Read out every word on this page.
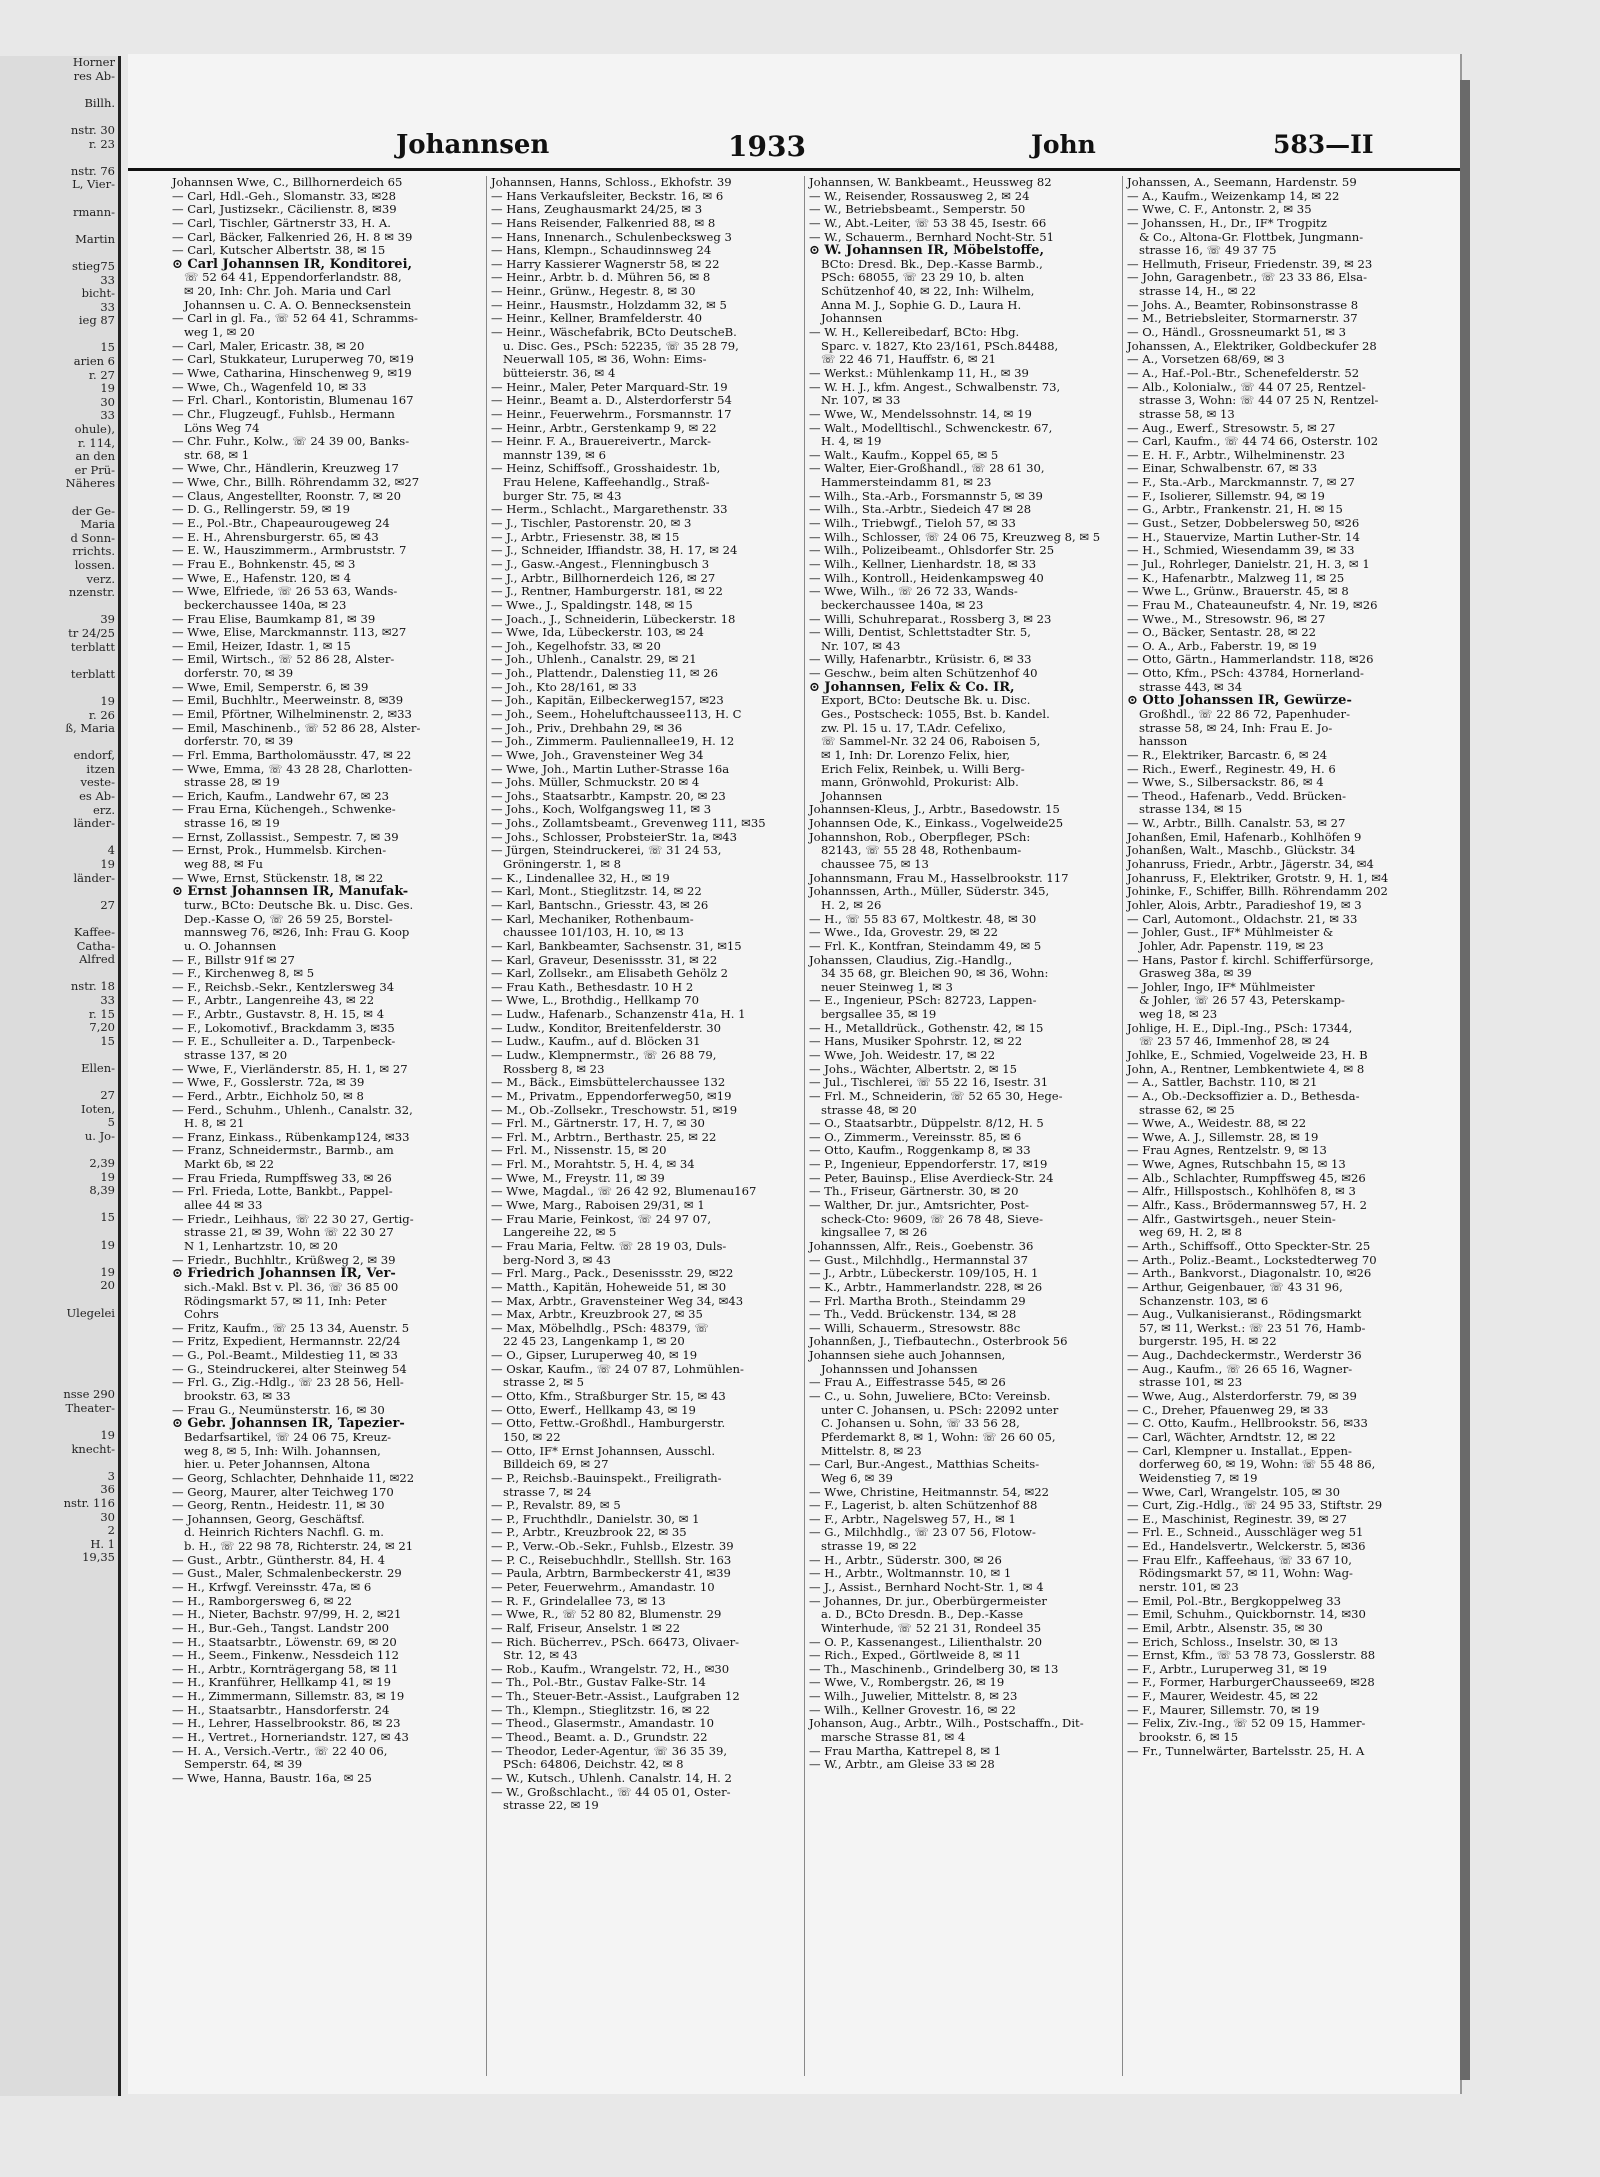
Horner
res Ab-
Billh.
nstr. 30
r. 23
nstr. 76
L, Vier-
rmann-
Martin
stieg75
33
bicht-
33
ieg 87
15
arien 6
r. 27
19
30
33
ohule),
r. 114,
an den
er Prü-
Näheres
der Ge-
Maria
d Sonn-
rrichts.
lossen.
verz.
nzenstr.
39
tr 24/25
terblatt
terblatt
19
r. 26
ß, Maria
endorf,
itzen
veste-
es Ab-
erz.
länder-
4
19
länder-
27
Kaffee-
Catha-
Alfred
nstr. 18
33
r. 15
7,20
15
Ellen-
27
Ioten,
5
u. Jo-
2,39
19
8,39
15
19
19
20
Ulegelei
nsse 290
Theater-
19
knecht-
3
36
nstr. 116
30
2
H. 1
19,35
Johannsen	1933	John	583—II
Johannsen Wwe, C., Billhornerdeich 65
— Carl, Hdl.-Geh., Slomanstr. 33, ✉28
— Carl, Justizsekr., Cäcilienstr. 8, ✉39
— Carl, Tischler, Gärtnerstr 33, H. A.
— Carl, Bäcker, Falkenried 26, H. 8 ✉ 39
— Carl, Kutscher Albertstr. 38, ✉ 15
⊙ Carl Johannsen IR, Konditorei,
☏ 52 64 41, Eppendorferlandstr. 88,
✉ 20, Inh: Chr. Joh. Maria und Carl
Johannsen u. C. A. O. Bennecksenstein
— Carl in gl. Fa., ☏ 52 64 41, Schramms-
weg 1, ✉ 20
— Carl, Maler, Ericastr. 38, ✉ 20
— Carl, Stukkateur, Luruperweg 70, ✉19
— Wwe, Catharina, Hinschenweg 9, ✉19
— Wwe, Ch., Wagenfeld 10, ✉ 33
— Frl. Charl., Kontoristin, Blumenau 167
— Chr., Flugzeugf., Fuhlsb., Hermann
Löns Weg 74
— Chr. Fuhr., Kolw., ☏ 24 39 00, Banks-
str. 68, ✉ 1
— Wwe, Chr., Händlerin, Kreuzweg 17
— Wwe, Chr., Billh. Röhrendamm 32, ✉27
— Claus, Angestellter, Roonstr. 7, ✉ 20
— D. G., Rellingerstr. 59, ✉ 19
— E., Pol.-Btr., Chapeaurougeweg 24
— E. H., Ahrensburgerstr. 65, ✉ 43
— E. W., Hauszimmerm., Armbruststr. 7
— Frau E., Bohnkenstr. 45, ✉ 3
— Wwe, E., Hafenstr. 120, ✉ 4
— Wwe, Elfriede, ☏ 26 53 63, Wands-
beckerchaussee 140a, ✉ 23
— Frau Elise, Baumkamp 81, ✉ 39
— Wwe, Elise, Marckmannstr. 113, ✉27
— Emil, Heizer, Idastr. 1, ✉ 15
— Emil, Wirtsch., ☏ 52 86 28, Alster-
dorferstr. 70, ✉ 39
— Wwe, Emil, Semperstr. 6, ✉ 39
— Emil, Buchhltr., Meerweinstr. 8, ✉39
— Emil, Pförtner, Wilhelminenstr. 2, ✉33
— Emil, Maschinenb., ☏ 52 86 28, Alster-
dorferstr. 70, ✉ 39
— Frl. Emma, Bartholomäusstr. 47, ✉ 22
— Wwe, Emma, ☏ 43 28 28, Charlotten-
strasse 28, ✉ 19
— Erich, Kaufm., Landwehr 67, ✉ 23
— Frau Erna, Küchengeh., Schwenke-
strasse 16, ✉ 19
— Ernst, Zollassist., Sempestr. 7, ✉ 39
— Ernst, Prok., Hummelsb. Kirchen-
weg 88, ✉ Fu
— Wwe, Ernst, Stückenstr. 18, ✉ 22
⊙ Ernst Johannsen IR, Manufak-
turw., BCto: Deutsche Bk. u. Disc. Ges.
Dep.-Kasse O, ☏ 26 59 25, Borstel-
mannsweg 76, ✉26, Inh: Frau G. Koop
u. O. Johannsen
— F., Billstr 91f ✉ 27
— F., Kirchenweg 8, ✉ 5
— F., Reichsb.-Sekr., Kentzlersweg 34
— F., Arbtr., Langenreihe 43, ✉ 22
— F., Arbtr., Gustavstr. 8, H. 15, ✉ 4
— F., Lokomotivf., Brackdamm 3, ✉35
— F. E., Schulleiter a. D., Tarpenbeck-
strasse 137, ✉ 20
— Wwe, F., Vierländerstr. 85, H. 1, ✉ 27
— Wwe, F., Gosslerstr. 72a, ✉ 39
— Ferd., Arbtr., Eichholz 50, ✉ 8
— Ferd., Schuhm., Uhlenh., Canalstr. 32,
H. 8, ✉ 21
— Franz, Einkass., Rübenkamp124, ✉33
— Franz, Schneidermstr., Barmb., am
Markt 6b, ✉ 22
— Frau Frieda, Rumpffsweg 33, ✉ 26
— Frl. Frieda, Lotte, Bankbt., Pappel-
allee 44 ✉ 33
— Friedr., Leihhaus, ☏ 22 30 27, Gertig-
strasse 21, ✉ 39, Wohn ☏ 22 30 27
N 1, Lenhartzstr. 10, ✉ 20
— Friedr., Buchhltr., Krüßweg 2, ✉ 39
⊙ Friedrich Johannsen IR, Ver-
sich.-Makl. Bst v. Pl. 36, ☏ 36 85 00
Rödingsmarkt 57, ✉ 11, Inh: Peter
Cohrs
— Fritz, Kaufm., ☏ 25 13 34, Auenstr. 5
— Fritz, Expedient, Hermannstr. 22/24
— G., Pol.-Beamt., Mildestieg 11, ✉ 33
— G., Steindruckerei, alter Steinweg 54
— Frl. G., Zig.-Hdlg., ☏ 23 28 56, Hell-
brookstr. 63, ✉ 33
— Frau G., Neumünsterstr. 16, ✉ 30
⊙ Gebr. Johannsen IR, Tapezier-
Bedarfsartikel, ☏ 24 06 75, Kreuz-
weg 8, ✉ 5, Inh: Wilh. Johannsen,
hier. u. Peter Johannsen, Altona
— Georg, Schlachter, Dehnhaide 11, ✉22
— Georg, Maurer, alter Teichweg 170
— Georg, Rentn., Heidestr. 11, ✉ 30
— Johannsen, Georg, Geschäftsf.
d. Heinrich Richters Nachfl. G. m.
b. H., ☏ 22 98 78, Richterstr. 24, ✉ 21
— Gust., Arbtr., Güntherstr. 84, H. 4
— Gust., Maler, Schmalenbeckerstr. 29
— H., Krfwgf. Vereinsstr. 47a, ✉ 6
— H., Ramborgersweg 6, ✉ 22
— H., Nieter, Bachstr. 97/99, H. 2, ✉21
— H., Bur.-Geh., Tangst. Landstr 200
— H., Staatsarbtr., Löwenstr. 69, ✉ 20
— H., Seem., Finkenw., Nessdeich 112
— H., Arbtr., Kornträgergang 58, ✉ 11
— H., Kranführer, Hellkamp 41, ✉ 19
— H., Zimmermann, Sillemstr. 83, ✉ 19
— H., Staatsarbtr., Hansdorferstr. 24
— H., Lehrer, Hasselbrookstr. 86, ✉ 23
— H., Vertret., Horneriandstr. 127, ✉ 43
— H. A., Versich.-Vertr., ☏ 22 40 06,
Semperstr. 64, ✉ 39
— Wwe, Hanna, Baustr. 16a, ✉ 25
Johannsen, Hanns, Schloss., Ekhofstr. 39
— Hans Verkaufsleiter, Beckstr. 16, ✉ 6
— Hans, Zeughausmarkt 24/25, ✉ 3
— Hans Reisender, Falkenried 88, ✉ 8
— Hans, Innenarch., Schulenbecksweg 3
— Hans, Klempn., Schaudinnsweg 24
— Harry Kassierer Wagnerstr 58, ✉ 22
— Heinr., Arbtr. b. d. Mühren 56, ✉ 8
— Heinr., Grünw., Hegestr. 8, ✉ 30
— Heinr., Hausmstr., Holzdamm 32, ✉ 5
— Heinr., Kellner, Bramfelderstr. 40
— Heinr., Wäschefabrik, BCto DeutscheB.
u. Disc. Ges., PSch: 52235, ☏ 35 28 79,
Neuerwall 105, ✉ 36, Wohn: Eims-
bütteierstr. 36, ✉ 4
— Heinr., Maler, Peter Marquard-Str. 19
— Heinr., Beamt a. D., Alsterdorferstr 54
— Heinr., Feuerwehrm., Forsmannstr. 17
— Heinr., Arbtr., Gerstenkamp 9, ✉ 22
— Heinr. F. A., Brauereivertr., Marck-
mannstr 139, ✉ 6
— Heinz, Schiffsoff., Grosshaidestr. 1b,
Frau Helene, Kaffeehandlg., Straß-
burger Str. 75, ✉ 43
— Herm., Schlacht., Margarethenstr. 33
— J., Tischler, Pastorenstr. 20, ✉ 3
— J., Arbtr., Friesenstr. 38, ✉ 15
— J., Schneider, Iffiandstr. 38, H. 17, ✉ 24
— J., Gasw.-Angest., Flenningbusch 3
— J., Arbtr., Billhornerdeich 126, ✉ 27
— J., Rentner, Hamburgerstr. 181, ✉ 22
— Wwe., J., Spaldingstr. 148, ✉ 15
— Joach., J., Schneiderin, Lübeckerstr. 18
— Wwe, Ida, Lübeckerstr. 103, ✉ 24
— Joh., Kegelhofstr. 33, ✉ 20
— Joh., Uhlenh., Canalstr. 29, ✉ 21
— Joh., Plattendr., Dalenstieg 11, ✉ 26
— Joh., Kto 28/161, ✉ 33
— Joh., Kapitän, Eilbeckerweg157, ✉23
— Joh., Seem., Hoheluftchaussee113, H. C
— Joh., Priv., Drehbahn 29, ✉ 36
— Joh., Zimmerm. Pauliennallee19, H. 12
— Wwe, Joh., Gravensteiner Weg 34
— Wwe, Joh., Martin Luther-Strasse 16a
— Johs. Müller, Schmuckstr. 20 ✉ 4
— Johs., Staatsarbtr., Kampstr. 20, ✉ 23
— Johs., Koch, Wolfgangsweg 11, ✉ 3
— Johs., Zollamtsbeamt., Grevenweg 111, ✉35
— Johs., Schlosser, ProbsteierStr. 1a, ✉43
— Jürgen, Steindruckerei, ☏ 31 24 53,
Gröningerstr. 1, ✉ 8
— K., Lindenallee 32, H., ✉ 19
— Karl, Mont., Stieglitzstr. 14, ✉ 22
— Karl, Bantschn., Griesstr. 43, ✉ 26
— Karl, Mechaniker, Rothenbaum-
chaussee 101/103, H. 10, ✉ 13
— Karl, Bankbeamter, Sachsenstr. 31, ✉15
— Karl, Graveur, Desenissstr. 31, ✉ 22
— Karl, Zollsekr., am Elisabeth Gehölz 2
— Frau Kath., Bethesdastr. 10 H 2
— Wwe, L., Brothdig., Hellkamp 70
— Ludw., Hafenarb., Schanzenstr 41a, H. 1
— Ludw., Konditor, Breitenfelderstr. 30
— Ludw., Kaufm., auf d. Blöcken 31
— Ludw., Klempnermstr., ☏ 26 88 79,
Rossberg 8, ✉ 23
— M., Bäck., Eimsbüttelerchaussee 132
— M., Privatm., Eppendorferweg50, ✉19
— M., Ob.-Zollsekr., Treschowstr. 51, ✉19
— Frl. M., Gärtnerstr. 17, H. 7, ✉ 30
— Frl. M., Arbtrn., Berthastr. 25, ✉ 22
— Frl. M., Nissenstr. 15, ✉ 20
— Frl. M., Morahtstr. 5, H. 4, ✉ 34
— Wwe, M., Freystr. 11, ✉ 39
— Wwe, Magdal., ☏ 26 42 92, Blumenau167
— Wwe, Marg., Raboisen 29/31, ✉ 1
— Frau Marie, Feinkost, ☏ 24 97 07,
Langereihe 22, ✉ 5
— Frau Maria, Feltw. ☏ 28 19 03, Duls-
berg-Nord 3, ✉ 43
— Frl. Marg., Pack., Desenissstr. 29, ✉22
— Matth., Kapitän, Hoheweide 51, ✉ 30
— Max, Arbtr., Gravensteiner Weg 34, ✉43
— Max, Arbtr., Kreuzbrook 27, ✉ 35
— Max, Möbelhdlg., PSch: 48379, ☏
22 45 23, Langenkamp 1, ✉ 20
— O., Gipser, Luruperweg 40, ✉ 19
— Oskar, Kaufm., ☏ 24 07 87, Lohmühlen-
strasse 2, ✉ 5
— Otto, Kfm., Straßburger Str. 15, ✉ 43
— Otto, Ewerf., Hellkamp 43, ✉ 19
— Otto, Fettw.-Großhdl., Hamburgerstr.
150, ✉ 22
— Otto, IF* Ernst Johannsen, Ausschl.
Billdeich 69, ✉ 27
— P., Reichsb.-Bauinspekt., Freiligrath-
strasse 7, ✉ 24
— P., Revalstr. 89, ✉ 5
— P., Fruchthdlr., Danielstr. 30, ✉ 1
— P., Arbtr., Kreuzbrook 22, ✉ 35
— P., Verw.-Ob.-Sekr., Fuhlsb., Elzestr. 39
— P. C., Reisebuchhdlr., Stelllsh. Str. 163
— Paula, Arbtrn, Barmbeckerstr 41, ✉39
— Peter, Feuerwehrm., Amandastr. 10
— R. F., Grindelallee 73, ✉ 13
— Wwe, R., ☏ 52 80 82, Blumenstr. 29
— Ralf, Friseur, Anselstr. 1 ✉ 22
— Rich. Bücherrev., PSch. 66473, Olivaer-
Str. 12, ✉ 43
— Rob., Kaufm., Wrangelstr. 72, H., ✉30
— Th., Pol.-Btr., Gustav Falke-Str. 14
— Th., Steuer-Betr.-Assist., Laufgraben 12
— Th., Klempn., Stieglitzstr. 16, ✉ 22
— Theod., Glasermstr., Amandastr. 10
— Theod., Beamt. a. D., Grundstr. 22
— Theodor, Leder-Agentur, ☏ 36 35 39,
PSch: 64806, Deichstr. 42, ✉ 8
— W., Kutsch., Uhlenh. Canalstr. 14, H. 2
— W., Großschlacht., ☏ 44 05 01, Oster-
strasse 22, ✉ 19
Johannsen, W. Bankbeamt., Heussweg 82
— W., Reisender, Rossausweg 2, ✉ 24
— W., Betriebsbeamt., Semperstr. 50
— W., Abt.-Leiter, ☏ 53 38 45, Isestr. 66
— W., Schauerm., Bernhard Nocht-Str. 51
⊙ W. Johannsen IR, Möbelstoffe,
BCto: Dresd. Bk., Dep.-Kasse Barmb.,
PSch: 68055, ☏ 23 29 10, b. alten
Schützenhof 40, ✉ 22, Inh: Wilhelm,
Anna M. J., Sophie G. D., Laura H.
Johannsen
— W. H., Kellereibedarf, BCto: Hbg.
Sparc. v. 1827, Kto 23/161, PSch.84488,
☏ 22 46 71, Hauffstr. 6, ✉ 21
— Werkst.: Mühlenkamp 11, H., ✉ 39
— W. H. J., kfm. Angest., Schwalbenstr. 73,
Nr. 107, ✉ 33
— Wwe, W., Mendelssohnstr. 14, ✉ 19
— Walt., Modelltischl., Schwenckestr. 67,
H. 4, ✉ 19
— Walt., Kaufm., Koppel 65, ✉ 5
— Walter, Eier-Großhandl., ☏ 28 61 30,
Hammersteindamm 81, ✉ 23
— Wilh., Sta.-Arb., Forsmannstr 5, ✉ 39
— Wilh., Sta.-Arbtr., Siedeich 47 ✉ 28
— Wilh., Triebwgf., Tieloh 57, ✉ 33
— Wilh., Schlosser, ☏ 24 06 75, Kreuzweg 8, ✉ 5
— Wilh., Polizeibeamt., Ohlsdorfer Str. 25
— Wilh., Kellner, Lienhardstr. 18, ✉ 33
— Wilh., Kontroll., Heidenkampsweg 40
— Wwe, Wilh., ☏ 26 72 33, Wands-
beckerchaussee 140a, ✉ 23
— Willi, Schuhreparat., Rossberg 3, ✉ 23
— Willi, Dentist, Schlettstadter Str. 5,
Nr. 107, ✉ 43
— Willy, Hafenarbtr., Krüsistr. 6, ✉ 33
— Geschw., beim alten Schützenhof 40
⊙ Johannsen, Felix & Co. IR,
Export, BCto: Deutsche Bk. u. Disc.
Ges., Postscheck: 1055, Bst. b. Kandel.
zw. Pl. 15 u. 17, T.Adr. Cefelixo,
☏ Sammel-Nr. 32 24 06, Raboisen 5,
✉ 1, Inh: Dr. Lorenzo Felix, hier,
Erich Felix, Reinbek, u. Willi Berg-
mann, Grönwohld, Prokurist: Alb.
Johannsen
Johannsen-Kleus, J., Arbtr., Basedowstr. 15
Johannsen Ode, K., Einkass., Vogelweide25
Johannshon, Rob., Oberpfleger, PSch:
82143, ☏ 55 28 48, Rothenbaum-
chaussee 75, ✉ 13
Johannsmann, Frau M., Hasselbrookstr. 117
Johannssen, Arth., Müller, Süderstr. 345,
H. 2, ✉ 26
— H., ☏ 55 83 67, Moltkestr. 48, ✉ 30
— Wwe., Ida, Grovestr. 29, ✉ 22
— Frl. K., Kontfran, Steindamm 49, ✉ 5
Johanssen, Claudius, Zig.-Handlg.,
34 35 68, gr. Bleichen 90, ✉ 36, Wohn:
neuer Steinweg 1, ✉ 3
— E., Ingenieur, PSch: 82723, Lappen-
bergsallee 35, ✉ 19
— H., Metalldrück., Gothenstr. 42, ✉ 15
— Hans, Musiker Spohrstr. 12, ✉ 22
— Wwe, Joh. Weidestr. 17, ✉ 22
— Johs., Wächter, Albertstr. 2, ✉ 15
— Jul., Tischlerei, ☏ 55 22 16, Isestr. 31
— Frl. M., Schneiderin, ☏ 52 65 30, Hege-
strasse 48, ✉ 20
— O., Staatsarbtr., Düppelstr. 8/12, H. 5
— O., Zimmerm., Vereinsstr. 85, ✉ 6
— Otto, Kaufm., Roggenkamp 8, ✉ 33
— P., Ingenieur, Eppendorferstr. 17, ✉19
— Peter, Bauinsp., Elise Averdieck-Str. 24
— Th., Friseur, Gärtnerstr. 30, ✉ 20
— Walther, Dr. jur., Amtsrichter, Post-
scheck-Cto: 9609, ☏ 26 78 48, Sieve-
kingsallee 7, ✉ 26
Johannssen, Alfr., Reis., Goebenstr. 36
— Gust., Milchhdlg., Hermannstal 37
— J., Arbtr., Lübeckerstr. 109/105, H. 1
— K., Arbtr., Hammerlandstr. 228, ✉ 26
— Frl. Martha Broth., Steindamm 29
— Th., Vedd. Brückenstr. 134, ✉ 28
— Willi, Schauerm., Stresowstr. 88c
Johannßen, J., Tiefbautechn., Osterbrook 56
Johannsen siehe auch Johannsen,
Johannssen und Johanssen
— Frau A., Eiffestrasse 545, ✉ 26
— C., u. Sohn, Juweliere, BCto: Vereinsb.
unter C. Johansen, u. PSch: 22092 unter
C. Johansen u. Sohn, ☏ 33 56 28,
Pferdemarkt 8, ✉ 1, Wohn: ☏ 26 60 05,
Mittelstr. 8, ✉ 23
— Carl, Bur.-Angest., Matthias Scheits-
Weg 6, ✉ 39
— Wwe, Christine, Heitmannstr. 54, ✉22
— F., Lagerist, b. alten Schützenhof 88
— F., Arbtr., Nagelsweg 57, H., ✉ 1
— G., Milchhdlg., ☏ 23 07 56, Flotow-
strasse 19, ✉ 22
— H., Arbtr., Süderstr. 300, ✉ 26
— H., Arbtr., Woltmannstr. 10, ✉ 1
— J., Assist., Bernhard Nocht-Str. 1, ✉ 4
— Johannes, Dr. jur., Oberbürgermeister
a. D., BCto Dresdn. B., Dep.-Kasse
Winterhude, ☏ 52 21 31, Rondeel 35
— O. P., Kassenangest., Lilienthalstr. 20
— Rich., Exped., Görtlweide 8, ✉ 11
— Th., Maschinenb., Grindelberg 30, ✉ 13
— Wwe, V., Rombergstr. 26, ✉ 19
— Wilh., Juwelier, Mittelstr. 8, ✉ 23
— Wilh., Kellner Grovestr. 16, ✉ 22
Johanson, Aug., Arbtr., Wilh., Postschaffn., Dit-
marsche Strasse 81, ✉ 4
— Frau Martha, Kattrepel 8, ✉ 1
— W., Arbtr., am Gleise 33 ✉ 28
Johanssen, A., Seemann, Hardenstr. 59
— A., Kaufm., Weizenkamp 14, ✉ 22
— Wwe, C. F., Antonstr. 2, ✉ 35
— Johanssen, H., Dr., IF* Trogpitz
& Co., Altona-Gr. Flottbek, Jungmann-
strasse 16, ☏ 49 37 75
— Hellmuth, Friseur, Friedenstr. 39, ✉ 23
— John, Garagenbetr., ☏ 23 33 86, Elsa-
strasse 14, H., ✉ 22
— Johs. A., Beamter, Robinsonstrasse 8
— M., Betriebsleiter, Stormarnerstr. 37
— O., Händl., Grossneumarkt 51, ✉ 3
Johanssen, A., Elektriker, Goldbeckufer 28
— A., Vorsetzen 68/69, ✉ 3
— A., Haf.-Pol.-Btr., Schenefelderstr. 52
— Alb., Kolonialw., ☏ 44 07 25, Rentzel-
strasse 3, Wohn: ☏ 44 07 25 N, Rentzel-
strasse 58, ✉ 13
— Aug., Ewerf., Stresowstr. 5, ✉ 27
— Carl, Kaufm., ☏ 44 74 66, Osterstr. 102
— E. H. F., Arbtr., Wilhelminenstr. 23
— Einar, Schwalbenstr. 67, ✉ 33
— F., Sta.-Arb., Marckmannstr. 7, ✉ 27
— F., Isolierer, Sillemstr. 94, ✉ 19
— G., Arbtr., Frankenstr. 21, H. ✉ 15
— Gust., Setzer, Dobbelersweg 50, ✉26
— H., Stauervize, Martin Luther-Str. 14
— H., Schmied, Wiesendamm 39, ✉ 33
— Jul., Rohrleger, Danielstr. 21, H. 3, ✉ 1
— K., Hafenarbtr., Malzweg 11, ✉ 25
— Wwe L., Grünw., Brauerstr. 45, ✉ 8
— Frau M., Chateauneufstr. 4, Nr. 19, ✉26
— Wwe., M., Stresowstr. 96, ✉ 27
— O., Bäcker, Sentastr. 28, ✉ 22
— O. A., Arb., Faberstr. 19, ✉ 19
— Otto, Gärtn., Hammerlandstr. 118, ✉26
— Otto, Kfm., PSch: 43784, Hornerland-
strasse 443, ✉ 34
⊙ Otto Johanssen IR, Gewürze-
Großhdl., ☏ 22 86 72, Papenhuder-
strasse 58, ✉ 24, Inh: Frau E. Jo-
hansson
— R., Elektriker, Barcastr. 6, ✉ 24
— Rich., Ewerf., Reginestr. 49, H. 6
— Wwe, S., Silbersackstr. 86, ✉ 4
— Theod., Hafenarb., Vedd. Brücken-
strasse 134, ✉ 15
— W., Arbtr., Billh. Canalstr. 53, ✉ 27
Johanßen, Emil, Hafenarb., Kohlhöfen 9
Johanßen, Walt., Maschb., Glückstr. 34
Johanruss, Friedr., Arbtr., Jägerstr. 34, ✉4
Johanruss, F., Elektriker, Grotstr. 9, H. 1, ✉4
Johinke, F., Schiffer, Billh. Röhrendamm 202
Johler, Alois, Arbtr., Paradieshof 19, ✉ 3
— Carl, Automont., Oldachstr. 21, ✉ 33
— Johler, Gust., IF* Mühlmeister &
Johler, Adr. Papenstr. 119, ✉ 23
— Hans, Pastor f. kirchl. Schifferfürsorge,
Grasweg 38a, ✉ 39
— Johler, Ingo, IF* Mühlmeister
& Johler, ☏ 26 57 43, Peterskamp-
weg 18, ✉ 23
Johlige, H. E., Dipl.-Ing., PSch: 17344,
☏ 23 57 46, Immenhof 28, ✉ 24
Johlke, E., Schmied, Vogelweide 23, H. B
John, A., Rentner, Lembkentwiete 4, ✉ 8
— A., Sattler, Bachstr. 110, ✉ 21
— A., Ob.-Decksoffizier a. D., Bethesda-
strasse 62, ✉ 25
— Wwe, A., Weidestr. 88, ✉ 22
— Wwe, A. J., Sillemstr. 28, ✉ 19
— Frau Agnes, Rentzelstr. 9, ✉ 13
— Wwe, Agnes, Rutschbahn 15, ✉ 13
— Alb., Schlachter, Rumpffsweg 45, ✉26
— Alfr., Hillspostsch., Kohlhöfen 8, ✉ 3
— Alfr., Kass., Brödermannsweg 57, H. 2
— Alfr., Gastwirtsgeh., neuer Stein-
weg 69, H. 2, ✉ 8
— Arth., Schiffsoff., Otto Speckter-Str. 25
— Arth., Poliz.-Beamt., Lockstedterweg 70
— Arth., Bankvorst., Diagonalstr. 10, ✉26
— Arthur, Geigenbauer, ☏ 43 31 96,
Schanzenstr. 103, ✉ 6
— Aug., Vulkanisieranst., Rödingsmarkt
57, ✉ 11, Werkst.: ☏ 23 51 76, Hamb-
burgerstr. 195, H. ✉ 22
— Aug., Dachdeckermstr., Werderstr 36
— Aug., Kaufm., ☏ 26 65 16, Wagner-
strasse 101, ✉ 23
— Wwe, Aug., Alsterdorferstr. 79, ✉ 39
— C., Dreher, Pfauenweg 29, ✉ 33
— C. Otto, Kaufm., Hellbrookstr. 56, ✉33
— Carl, Wächter, Arndtstr. 12, ✉ 22
— Carl, Klempner u. Installat., Eppen-
dorferweg 60, ✉ 19, Wohn: ☏ 55 48 86,
Weidenstieg 7, ✉ 19
— Wwe, Carl, Wrangelstr. 105, ✉ 30
— Curt, Zig.-Hdlg., ☏ 24 95 33, Stiftstr. 29
— E., Maschinist, Reginestr. 39, ✉ 27
— Frl. E., Schneid., Ausschläger weg 51
— Ed., Handelsvertr., Welckerstr. 5, ✉36
— Frau Elfr., Kaffeehaus, ☏ 33 67 10,
Rödingsmarkt 57, ✉ 11, Wohn: Wag-
nerstr. 101, ✉ 23
— Emil, Pol.-Btr., Bergkoppelweg 33
— Emil, Schuhm., Quickbornstr. 14, ✉30
— Emil, Arbtr., Alsenstr. 35, ✉ 30
— Erich, Schloss., Inselstr. 30, ✉ 13
— Ernst, Kfm., ☏ 53 78 73, Gosslerstr. 88
— F., Arbtr., Luruperweg 31, ✉ 19
— F., Former, HarburgerChaussee69, ✉28
— F., Maurer, Weidestr. 45, ✉ 22
— F., Maurer, Sillemstr. 70, ✉ 19
— Felix, Ziv.-Ing., ☏ 52 09 15, Hammer-
brookstr. 6, ✉ 15
— Fr., Tunnelwärter, Bartelsstr. 25, H. A
